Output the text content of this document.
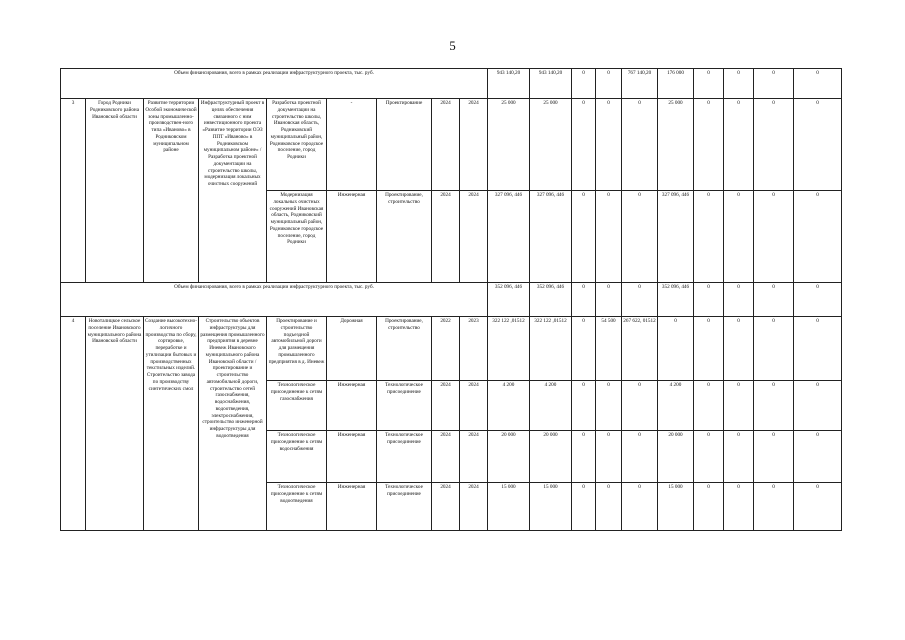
5
Объем финансирования, всего в рамках реализации инфраструктурного проекта, тыс. руб.									943 140,20	943 140,20	0	0	767 140,20	176 000	0	0	0	0
3	Город Родники Родниковского района Ивановской области	Развитие территории Особой экономической зоны промышленно-производствен-ного типа «Иваново» в Родниковском муниципальном районе	Инфраструктурный проект в целях обеспечения связанного с ним инвестиционного проекта «Развитие территории ОЭЗ ППТ «Иваново» в Родниковском муниципальном районе» / Разработка проектной документации на строительство школы, модернизация локальных очистных сооружений	Разработка проектной документации на строительство школы, Ивановская область, Родниковский муниципальный район, Родниковское городское поселение, город Родники	-	Проектирование	2024	2024	25 000	25 000	0	0	0	25 000	0	0	0	0
				Модернизация локальных очистных сооружений Ивановская область, Родниковский муниципальный район, Родниковское городское поселение, город Родники	Инженерная	Проектирование, строительство	2024	2024	327 096, 446	327 096, 446	0	0	0	327 096, 446	0	0	0	0
Объем финансирования, всего в рамках реализации инфраструктурного проекта, тыс. руб.									352 096, 446	352 096, 446	0	0	0	352 096, 446	0	0	0	0
4	Новоталицкое сельское поселение Ивановского муниципального района Ивановской области	Создание высокотехно-логичного производства по сбору, сортировке, переработке и утилизации бытовых и производственных текстильных изделий. Строительство завода по производству синтетических смол	Строительство объектов инфраструктуры для размещения промышленного предприятия в деревне Иневеж Ивановского муниципального района Ивановской области / проектирование и строительство автомобильной дороги, строительство сетей газоснабжения, водоснабжения, водоотведения, электроснабжения, строительство инженерной инфраструктуры для водоотведения	Проектирование и строительство подъездной автомобильной дороги для размещения промышленного предприятия в д. Иневеж	Дорожная	Проектирование, строительство	2022	2023	322 122 ,01512	322 122 ,01512	0	54 500	267 622, 01512	0	0	0	0	0
				Технологическое присоединение к сетям газоснабжения	Инженерная	Технологическое присоединение	2024	2024	4 200	4 200	0	0	0	4 200	0	0	0	0
				Технологическое присоединение к сетям водоснабжения	Инженерная	Технологическое присоединение	2024	2024	20 000	20 000	0	0	0	20 000	0	0	0	0
				Технологическое присоединение к сетям водоотведения	Инженерная	Технологическое присоединение	2024	2024	15 000	15 000	0	0	0	15 000	0	0	0	0
